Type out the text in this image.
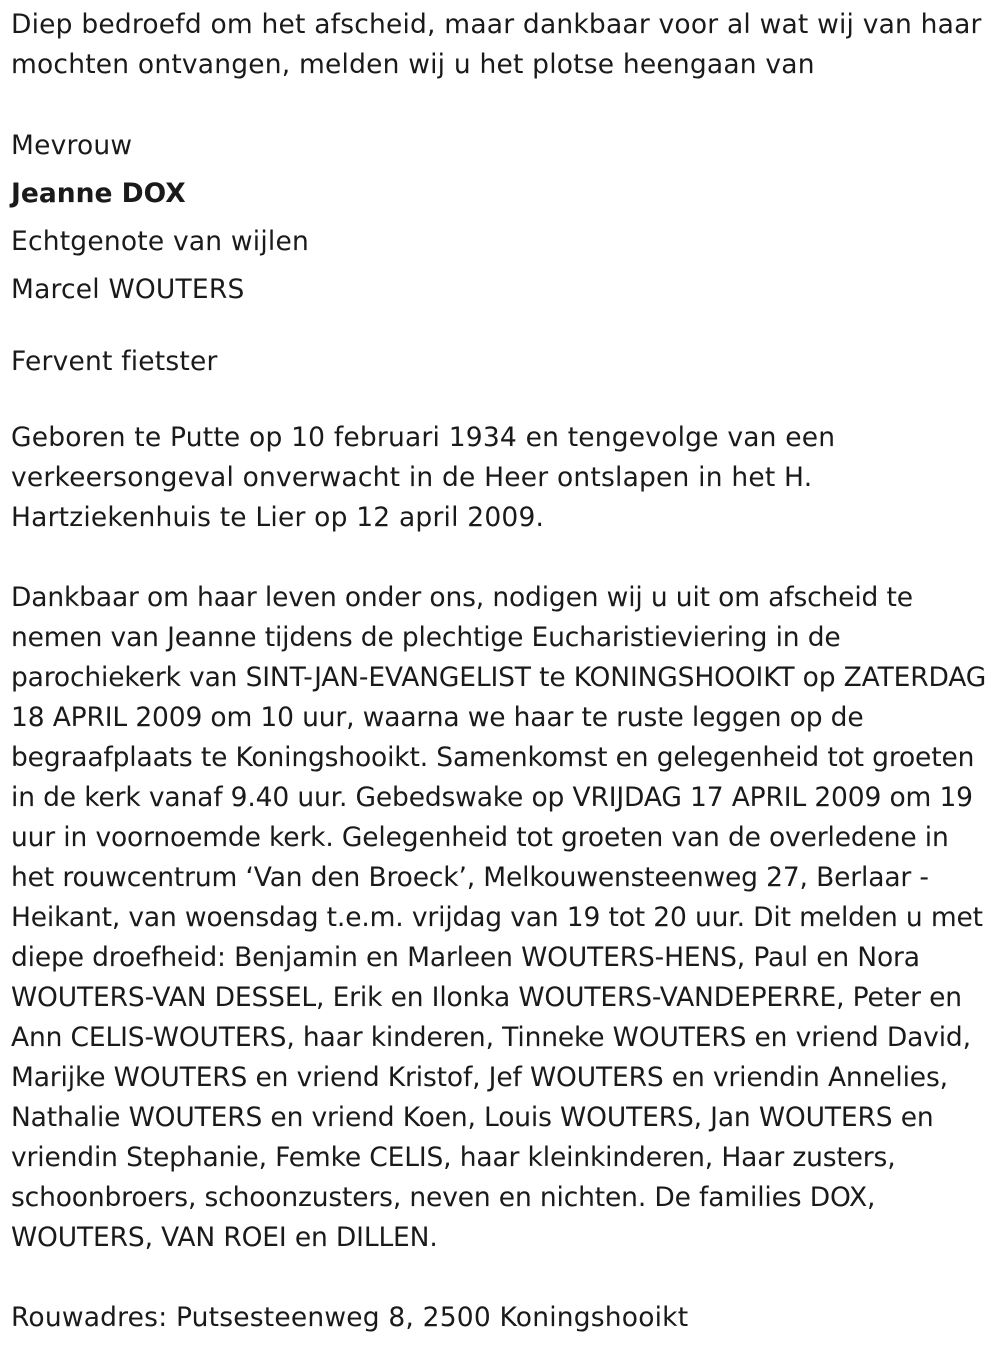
Diep bedroefd om het afscheid, maar dankbaar voor al wat wij van haar mochten ontvangen, melden wij u het plotse heengaan van

Mevrouw

Jeanne DOX

Echtgenote van wijlen

Marcel WOUTERS

Fervent fietster

Geboren te Putte op 10 februari 1934 en tengevolge van een verkeersongeval onverwacht in de Heer ontslapen in het H. Hartziekenhuis te Lier op 12 april 2009.

Dankbaar om haar leven onder ons, nodigen wij u uit om afscheid te nemen van Jeanne tijdens de plechtige Eucharistieviering in de parochiekerk van SINT-JAN-EVANGELIST te KONINGSHOOIKT op ZATERDAG 18 APRIL 2009 om 10 uur, waarna we haar te ruste leggen op de begraafplaats te Koningshooikt. Samenkomst en gelegenheid tot groeten in de kerk vanaf 9.40 uur. Gebedswake op VRIJDAG 17 APRIL 2009 om 19 uur in voornoemde kerk. Gelegenheid tot groeten van de overledene in het rouwcentrum ‘Van den Broeck’, Melkouwensteenweg 27, Berlaar - Heikant, van woensdag t.e.m. vrijdag van 19 tot 20 uur. Dit melden u met diepe droefheid: Benjamin en Marleen WOUTERS-HENS, Paul en Nora WOUTERS-VAN DESSEL, Erik en Ilonka WOUTERS-VANDEPERRE, Peter en Ann CELIS-WOUTERS, haar kinderen, Tinneke WOUTERS en vriend David, Marijke WOUTERS en vriend Kristof, Jef WOUTERS en vriendin Annelies, Nathalie WOUTERS en vriend Koen, Louis WOUTERS, Jan WOUTERS en vriendin Stephanie, Femke CELIS, haar kleinkinderen, Haar zusters, schoonbroers, schoonzusters, neven en nichten. De families DOX, WOUTERS, VAN ROEI en DILLEN.

Rouwadres: Putsesteenweg 8, 2500 Koningshooikt
